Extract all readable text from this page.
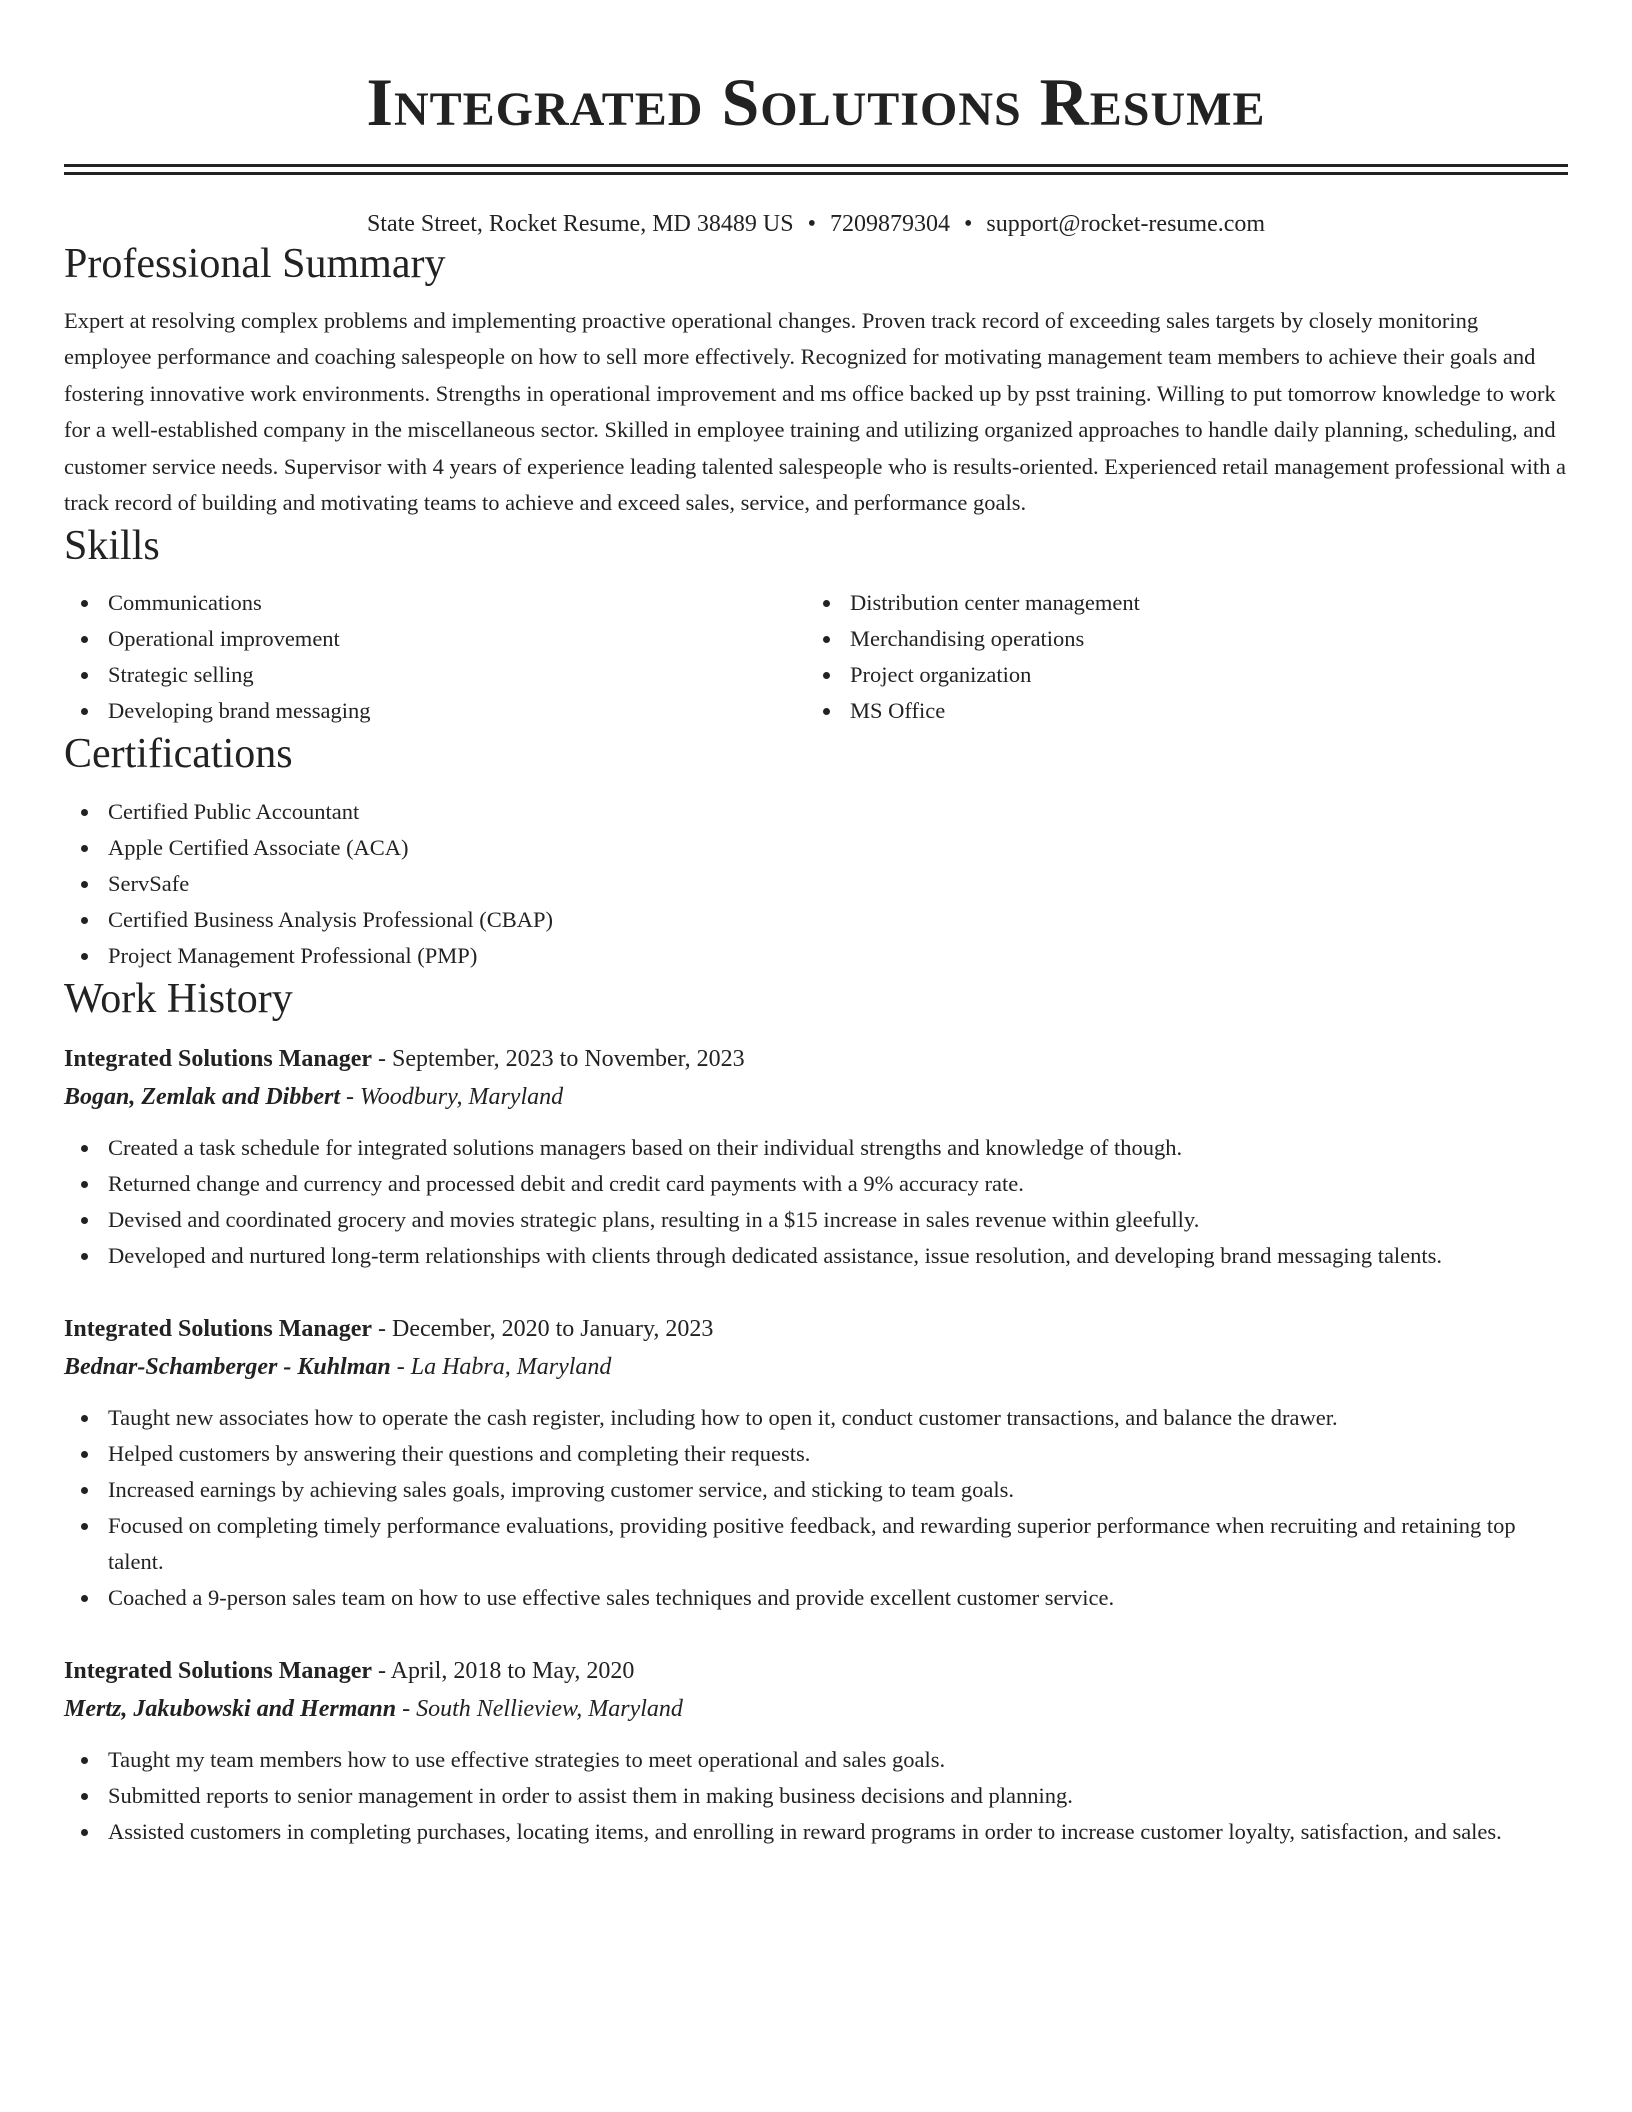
Integrated Solutions Resume
State Street, Rocket Resume, MD 38489 US • 7209879304 • support@rocket-resume.com
Professional Summary

Expert at resolving complex problems and implementing proactive operational changes. Proven track record of exceeding sales targets by closely monitoring employee performance and coaching salespeople on how to sell more effectively. Recognized for motivating management team members to achieve their goals and fostering innovative work environments. Strengths in operational improvement and ms office backed up by psst training. Willing to put tomorrow knowledge to work for a well-established company in the miscellaneous sector. Skilled in employee training and utilizing organized approaches to handle daily planning, scheduling, and customer service needs. Supervisor with 4 years of experience leading talented salespeople who is results-oriented. Experienced retail management professional with a track record of building and motivating teams to achieve and exceed sales, service, and performance goals.

Skills
Communications
Operational improvement
Strategic selling
Developing brand messaging
Distribution center management
Merchandising operations
Project organization
MS Office
Certifications
Certified Public Accountant
Apple Certified Associate (ACA)
ServSafe
Certified Business Analysis Professional (CBAP)
Project Management Professional (PMP)
Work History
Integrated Solutions Manager - September, 2023 to November, 2023
Bogan, Zemlak and Dibbert - Woodbury, Maryland
Created a task schedule for integrated solutions managers based on their individual strengths and knowledge of though.
Returned change and currency and processed debit and credit card payments with a 9% accuracy rate.
Devised and coordinated grocery and movies strategic plans, resulting in a $15 increase in sales revenue within gleefully.
Developed and nurtured long-term relationships with clients through dedicated assistance, issue resolution, and developing brand messaging talents.
Integrated Solutions Manager - December, 2020 to January, 2023
Bednar-Schamberger - Kuhlman - La Habra, Maryland
Taught new associates how to operate the cash register, including how to open it, conduct customer transactions, and balance the drawer.
Helped customers by answering their questions and completing their requests.
Increased earnings by achieving sales goals, improving customer service, and sticking to team goals.
Focused on completing timely performance evaluations, providing positive feedback, and rewarding superior performance when recruiting and retaining top talent.
Coached a 9-person sales team on how to use effective sales techniques and provide excellent customer service.
Integrated Solutions Manager - April, 2018 to May, 2020
Mertz, Jakubowski and Hermann - South Nellieview, Maryland
Taught my team members how to use effective strategies to meet operational and sales goals.
Submitted reports to senior management in order to assist them in making business decisions and planning.
Assisted customers in completing purchases, locating items, and enrolling in reward programs in order to increase customer loyalty, satisfaction, and sales.
